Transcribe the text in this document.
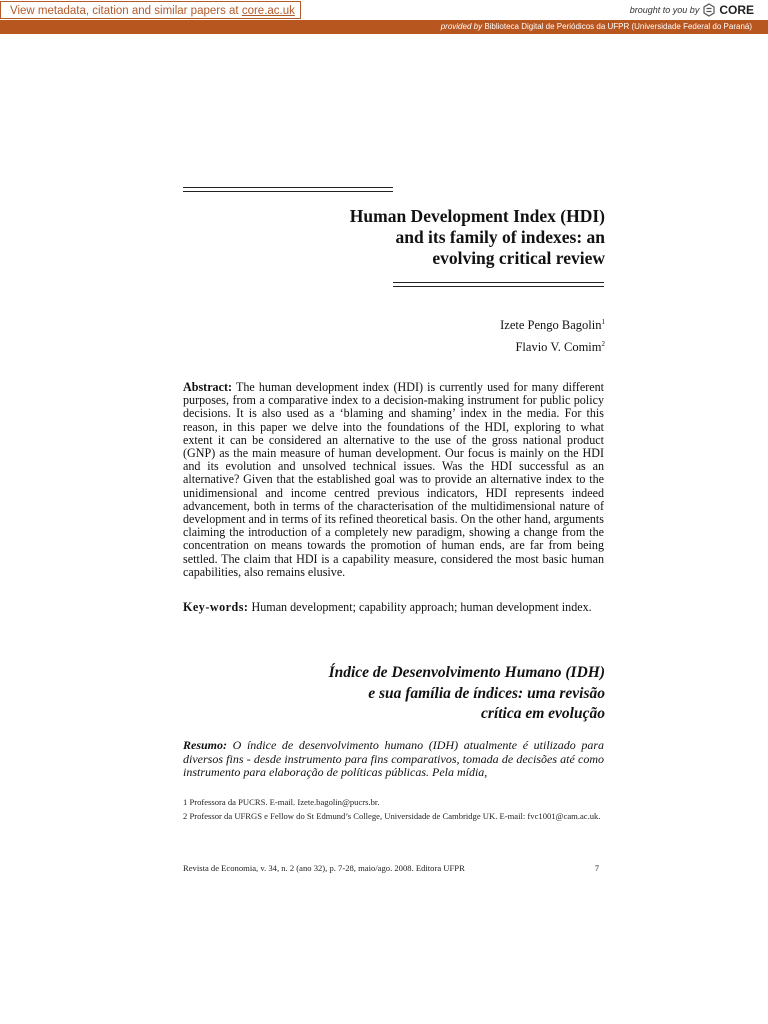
View metadata, citation and similar papers at core.ac.uk	brought to you by CORE
provided by Biblioteca Digital de Periódicos da UFPR (Universidade Federal do Paraná)
Human Development Index (HDI)
and its family of indexes: an
evolving critical review
Izete Pengo Bagolin$^1$
Flavio V. Comim$^2$
Abstract: The human development index (HDI) is currently used for many different purposes, from a comparative index to a decision-making instrument for public policy decisions. It is also used as a ‘blaming and shaming’ index in the media. For this reason, in this paper we delve into the foundations of the HDI, exploring to what extent it can be considered an alternative to the use of the gross national product (GNP) as the main measure of human development. Our focus is mainly on the HDI and its evolution and unsolved technical issues. Was the HDI successful as an alternative? Given that the established goal was to provide an alternative index to the unidimensional and income centred previous indicators, HDI represents indeed advancement, both in terms of the characterisation of the multidimensional nature of development and in terms of its refined theoretical basis. On the other hand, arguments claiming the introduction of a completely new paradigm, showing a change from the concentration on means towards the promotion of human ends, are far from being settled. The claim that HDI is a capability measure, considered the most basic human capabilities, also remains elusive.
Key-words: Human development; capability approach; human development index.
Índice de Desenvolvimento Humano (IDH)
e sua família de índices: uma revisão
crítica em evolução
Resumo: O índice de desenvolvimento humano (IDH) atualmente é utilizado para diversos fins - desde instrumento para fins comparativos, tomada de decisões até como instrumento para elaboração de políticas públicas. Pela mídia,

1 Professora da PUCRS. E-mail. Izete.bagolin@pucrs.br.

2 Professor da UFRGS e Fellow do St Edmund’s College, Universidade de Cambridge UK. E-mail: fvc1001@cam.ac.uk.

Revista de Economia, v. 34, n. 2 (ano 32), p. 7-28, maio/ago. 2008. Editora UFPR	7
